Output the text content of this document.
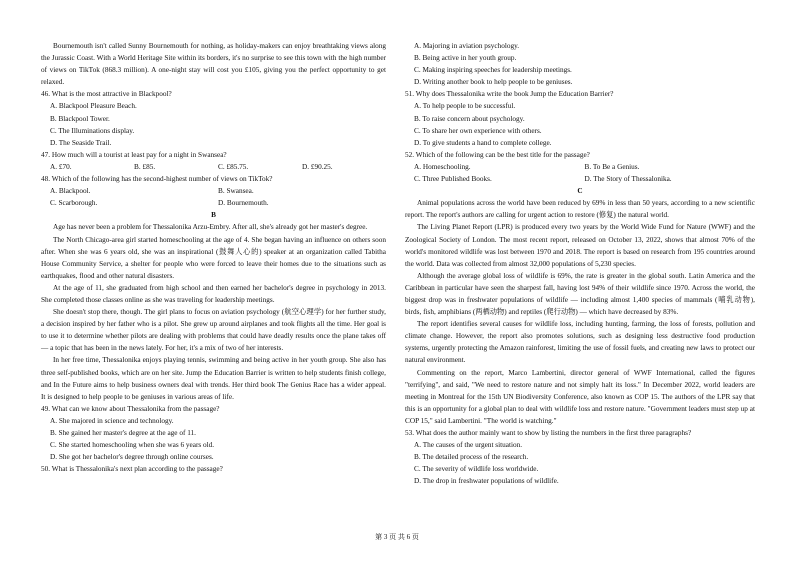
Bournemouth isn't called Sunny Bournemouth for nothing, as holiday-makers can enjoy breathtaking views along the Jurassic Coast. With a World Heritage Site within its borders, it's no surprise to see this town with the high number of views on TikTok (868.3 million). A one-night stay will cost you £105, giving you the perfect opportunity to get relaxed.

46. What is the most attractive in Blackpool?

A. Blackpool Pleasure Beach.

B. Blackpool Tower.

C. The Illuminations display.

D. The Seaside Trail.

47. How much will a tourist at least pay for a night in Swansea?

A. £70.	B. £85.	C. £85.75.	D. £90.25.

48. Which of the following has the second-highest number of views on TikTok?

A. Blackpool.	B. Swansea.
C. Scarborough.	D. Bournemouth.

B

Age has never been a problem for Thessalonika Arzu-Embry. After all, she's already got her master's degree.

The North Chicago-area girl started homeschooling at the age of 4. She began having an influence on others soon after. When she was 6 years old, she was an inspirational (鼓舞人心的) speaker at an organization called Tabitha House Community Service, a shelter for people who were forced to leave their homes due to the situations such as earthquakes, flood and other natural disasters.

At the age of 11, she graduated from high school and then earned her bachelor's degree in psychology in 2013. She completed those classes online as she was traveling for leadership meetings.

She doesn't stop there, though. The girl plans to focus on aviation psychology (航空心理学) for her further study, a decision inspired by her father who is a pilot. She grew up around airplanes and took flights all the time. Her goal is to use it to determine whether pilots are dealing with problems that could have deadly results once the plane takes off — a topic that has been in the news lately. For her, it's a mix of two of her interests.

In her free time, Thessalonika enjoys playing tennis, swimming and being active in her youth group. She also has three self-published books, which are on her site. Jump the Education Barrier is written to help students finish college, and In the Future aims to help business owners deal with trends. Her third book The Genius Race has a wider appeal. It is designed to help people to be geniuses in various areas of life.

49. What can we know about Thessalonika from the passage?

A. She majored in science and technology.

B. She gained her master's degree at the age of 11.

C. She started homeschooling when she was 6 years old.

D. She got her bachelor's degree through online courses.

50. What is Thessalonika's next plan according to the passage?

A. Majoring in aviation psychology.

B. Being active in her youth group.

C. Making inspiring speeches for leadership meetings.

D. Writing another book to help people to be geniuses.

51. Why does Thessalonika write the book Jump the Education Barrier?

A. To help people to be successful.

B. To raise concern about psychology.

C. To share her own experience with others.

D. To give students a hand to complete college.

52. Which of the following can be the best title for the passage?

A. Homeschooling.	B. To Be a Genius.
C. Three Published Books.	D. The Story of Thessalonika.

C

Animal populations across the world have been reduced by 69% in less than 50 years, according to a new scientific report. The report's authors are calling for urgent action to restore (修复) the natural world.

The Living Planet Report (LPR) is produced every two years by the World Wide Fund for Nature (WWF) and the Zoological Society of London. The most recent report, released on October 13, 2022, shows that almost 70% of the world's monitored wildlife was lost between 1970 and 2018. The report is based on research from 195 countries around the world. Data was collected from almost 32,000 populations of 5,230 species.

Although the average global loss of wildlife is 69%, the rate is greater in the global south. Latin America and the Caribbean in particular have seen the sharpest fall, having lost 94% of their wildlife since 1970. Across the world, the biggest drop was in freshwater populations of wildlife — including almost 1,400 species of mammals (哺乳动物), birds, fish, amphibians (两栖动物) and reptiles (爬行动物) — which have decreased by 83%.

The report identifies several causes for wildlife loss, including hunting, farming, the loss of forests, pollution and climate change. However, the report also promotes solutions, such as designing less destructive food production systems, urgently protecting the Amazon rainforest, limiting the use of fossil fuels, and creating new laws to protect our natural environment.

Commenting on the report, Marco Lambertini, director general of WWF International, called the figures "terrifying", and said, "We need to restore nature and not simply halt its loss." In December 2022, world leaders are meeting in Montreal for the 15th UN Biodiversity Conference, also known as COP 15. The authors of the LPR say that this is an opportunity for a global plan to deal with wildlife loss and restore nature. "Government leaders must step up at COP 15," said Lambertini. "The world is watching."

53. What does the author mainly want to show by listing the numbers in the first three paragraphs?

A. The causes of the urgent situation.

B. The detailed process of the research.

C. The severity of wildlife loss worldwide.

D. The drop in freshwater populations of wildlife.

第 3 页 共 6 页
